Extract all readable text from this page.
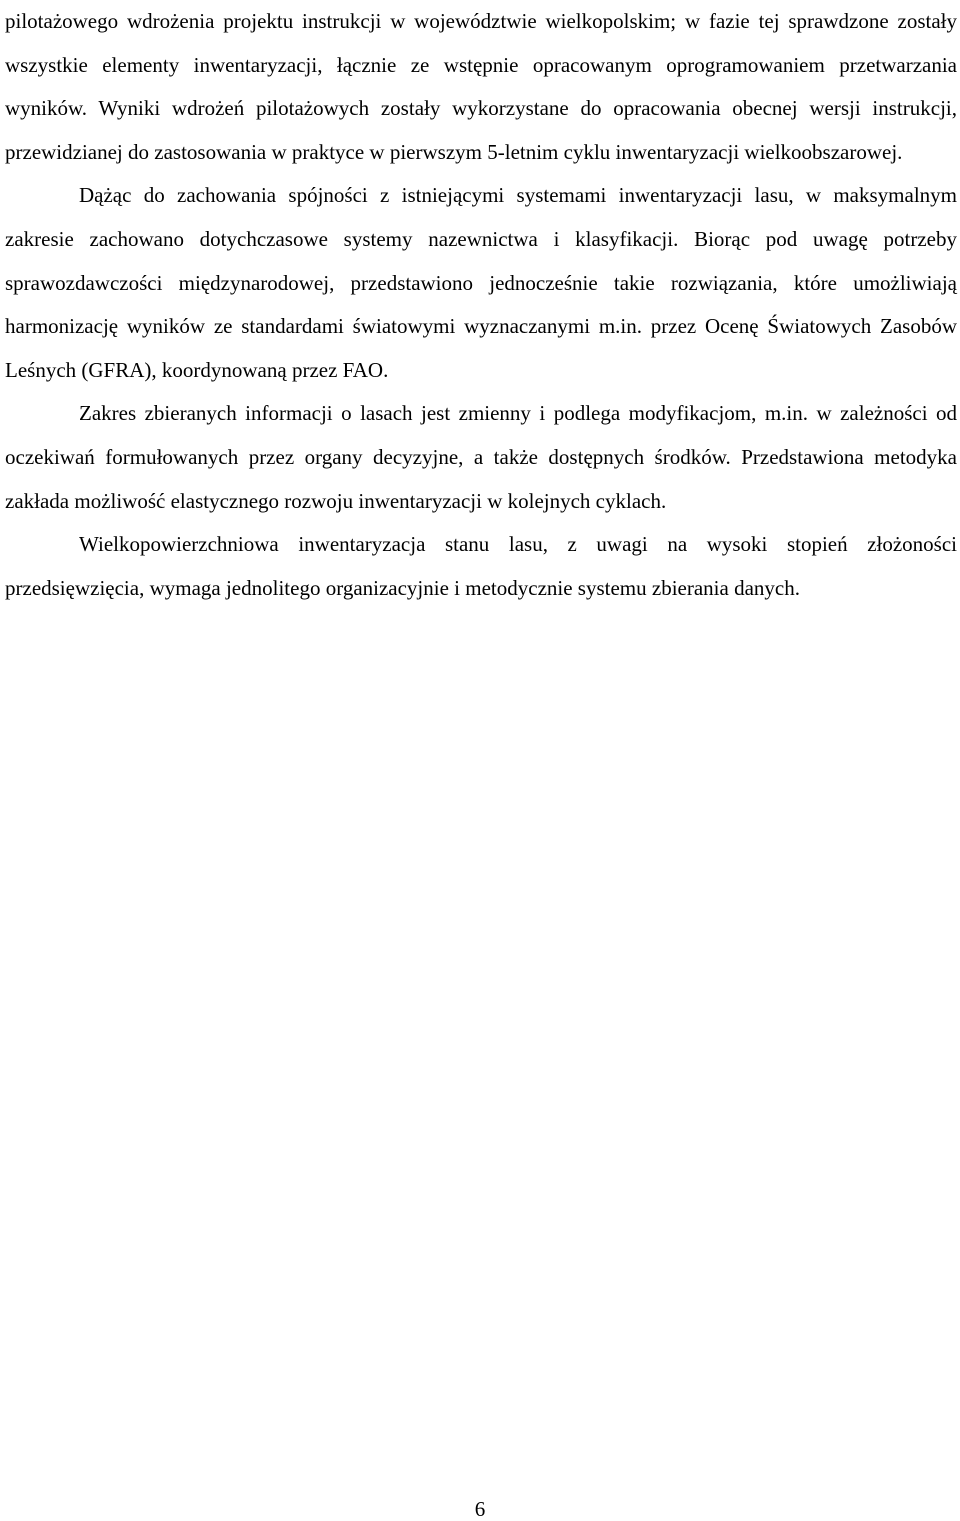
pilotażowego wdrożenia projektu instrukcji w województwie wielkopolskim; w fazie tej sprawdzone zostały wszystkie elementy inwentaryzacji, łącznie ze wstępnie opracowanym oprogramowaniem przetwarzania wyników. Wyniki wdrożeń pilotażowych zostały wykorzystane do opracowania obecnej wersji instrukcji, przewidzianej do zastosowania w praktyce w pierwszym 5-letnim cyklu inwentaryzacji wielkoobszarowej.

Dążąc do zachowania spójności z istniejącymi systemami inwentaryzacji lasu, w maksymalnym zakresie zachowano dotychczasowe systemy nazewnictwa i klasyfikacji. Biorąc pod uwagę potrzeby sprawozdawczości międzynarodowej, przedstawiono jednocześnie takie rozwiązania, które umożliwiają harmonizację wyników ze standardami światowymi wyznaczanymi m.in. przez Ocenę Światowych Zasobów Leśnych (GFRA), koordynowaną przez FAO.

Zakres zbieranych informacji o lasach jest zmienny i podlega modyfikacjom, m.in. w zależności od oczekiwań formułowanych przez organy decyzyjne, a także dostępnych środków. Przedstawiona metodyka zakłada możliwość elastycznego rozwoju inwentaryzacji w kolejnych cyklach.

Wielkopowierzchniowa inwentaryzacja stanu lasu, z uwagi na wysoki stopień złożoności przedsięwzięcia, wymaga jednolitego organizacyjnie i metodycznie systemu zbierania danych.

6
